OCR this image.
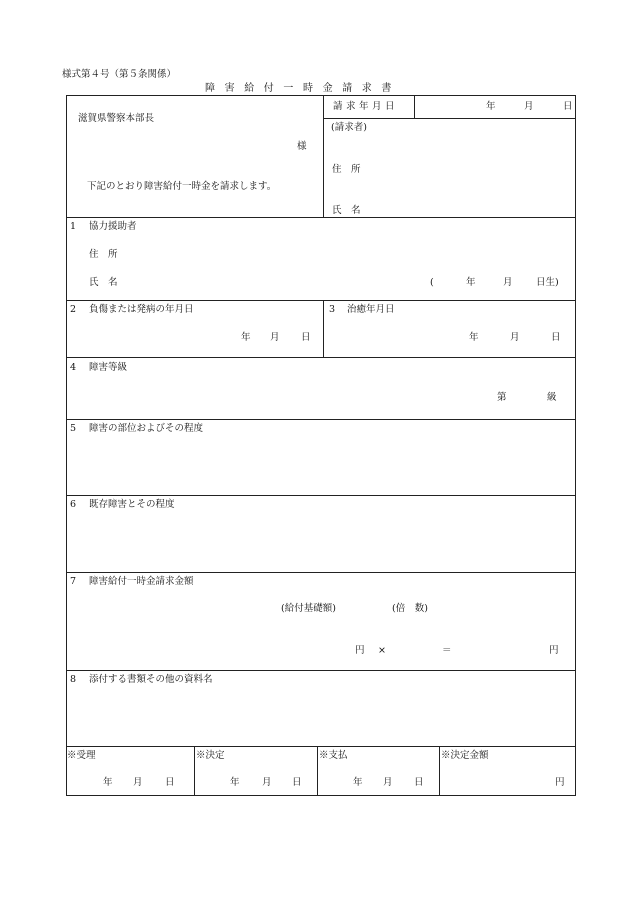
様式第４号（第５条関係）
障害給付一時金請求書
滋賀県警察本部長
様
下記のとおり障害給付一時金を請求します。
請求年月日	年	月	日
(請求者)
住　所
氏　名
1 協力援助者
住　所
氏　名	(	年	月 日生)
2 負傷または発病の年月日
年 月 日
3 治癒年月日
年	月	日
4 障害等級
第	級
5 障害の部位およびその程度
6 既存障害とその程度
7 障害給付一時金請求金額
(給付基礎額)	(倍　数)
円 ×	＝	円
8 添付する書類その他の資料名
※受理	※決定	※支払	※決定金額
年 月 日	年 月 日	年 月 日	円
